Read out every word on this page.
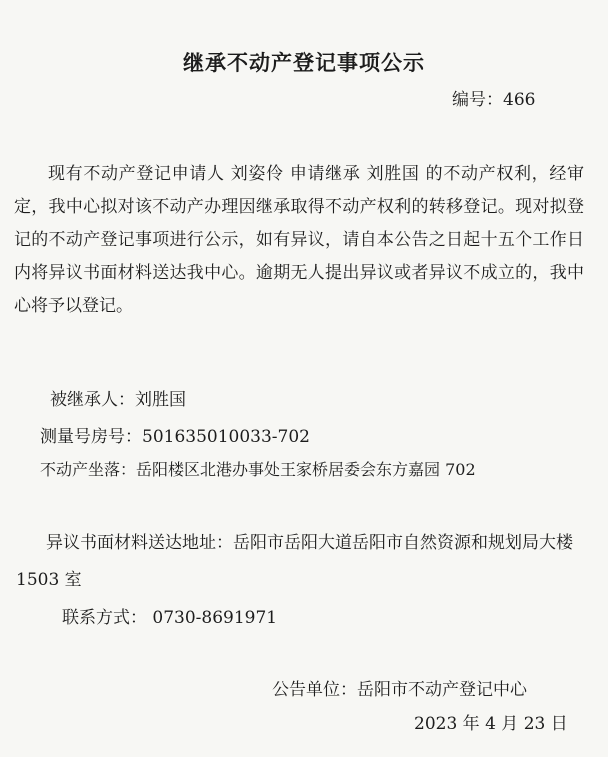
继承不动产登记事项公示
编号：466

现有不动产登记申请人 刘姿伶 申请继承 刘胜国 的不动产权利，经审定，我中心拟对该不动产办理因继承取得不动产权利的转移登记。现对拟登记的不动产登记事项进行公示，如有异议，请自本公告之日起十五个工作日内将异议书面材料送达我中心。逾期无人提出异议或者异议不成立的，我中心将予以登记。

被继承人：刘胜国
测量号房号：501635010033-702
不动产坐落：岳阳楼区北港办事处王家桥居委会东方嘉园 702

异议书面材料送达地址：岳阳市岳阳大道岳阳市自然资源和规划局大楼 1503 室

联系方式： 0730-8691971
公告单位：岳阳市不动产登记中心
2023 年 4 月 23 日
